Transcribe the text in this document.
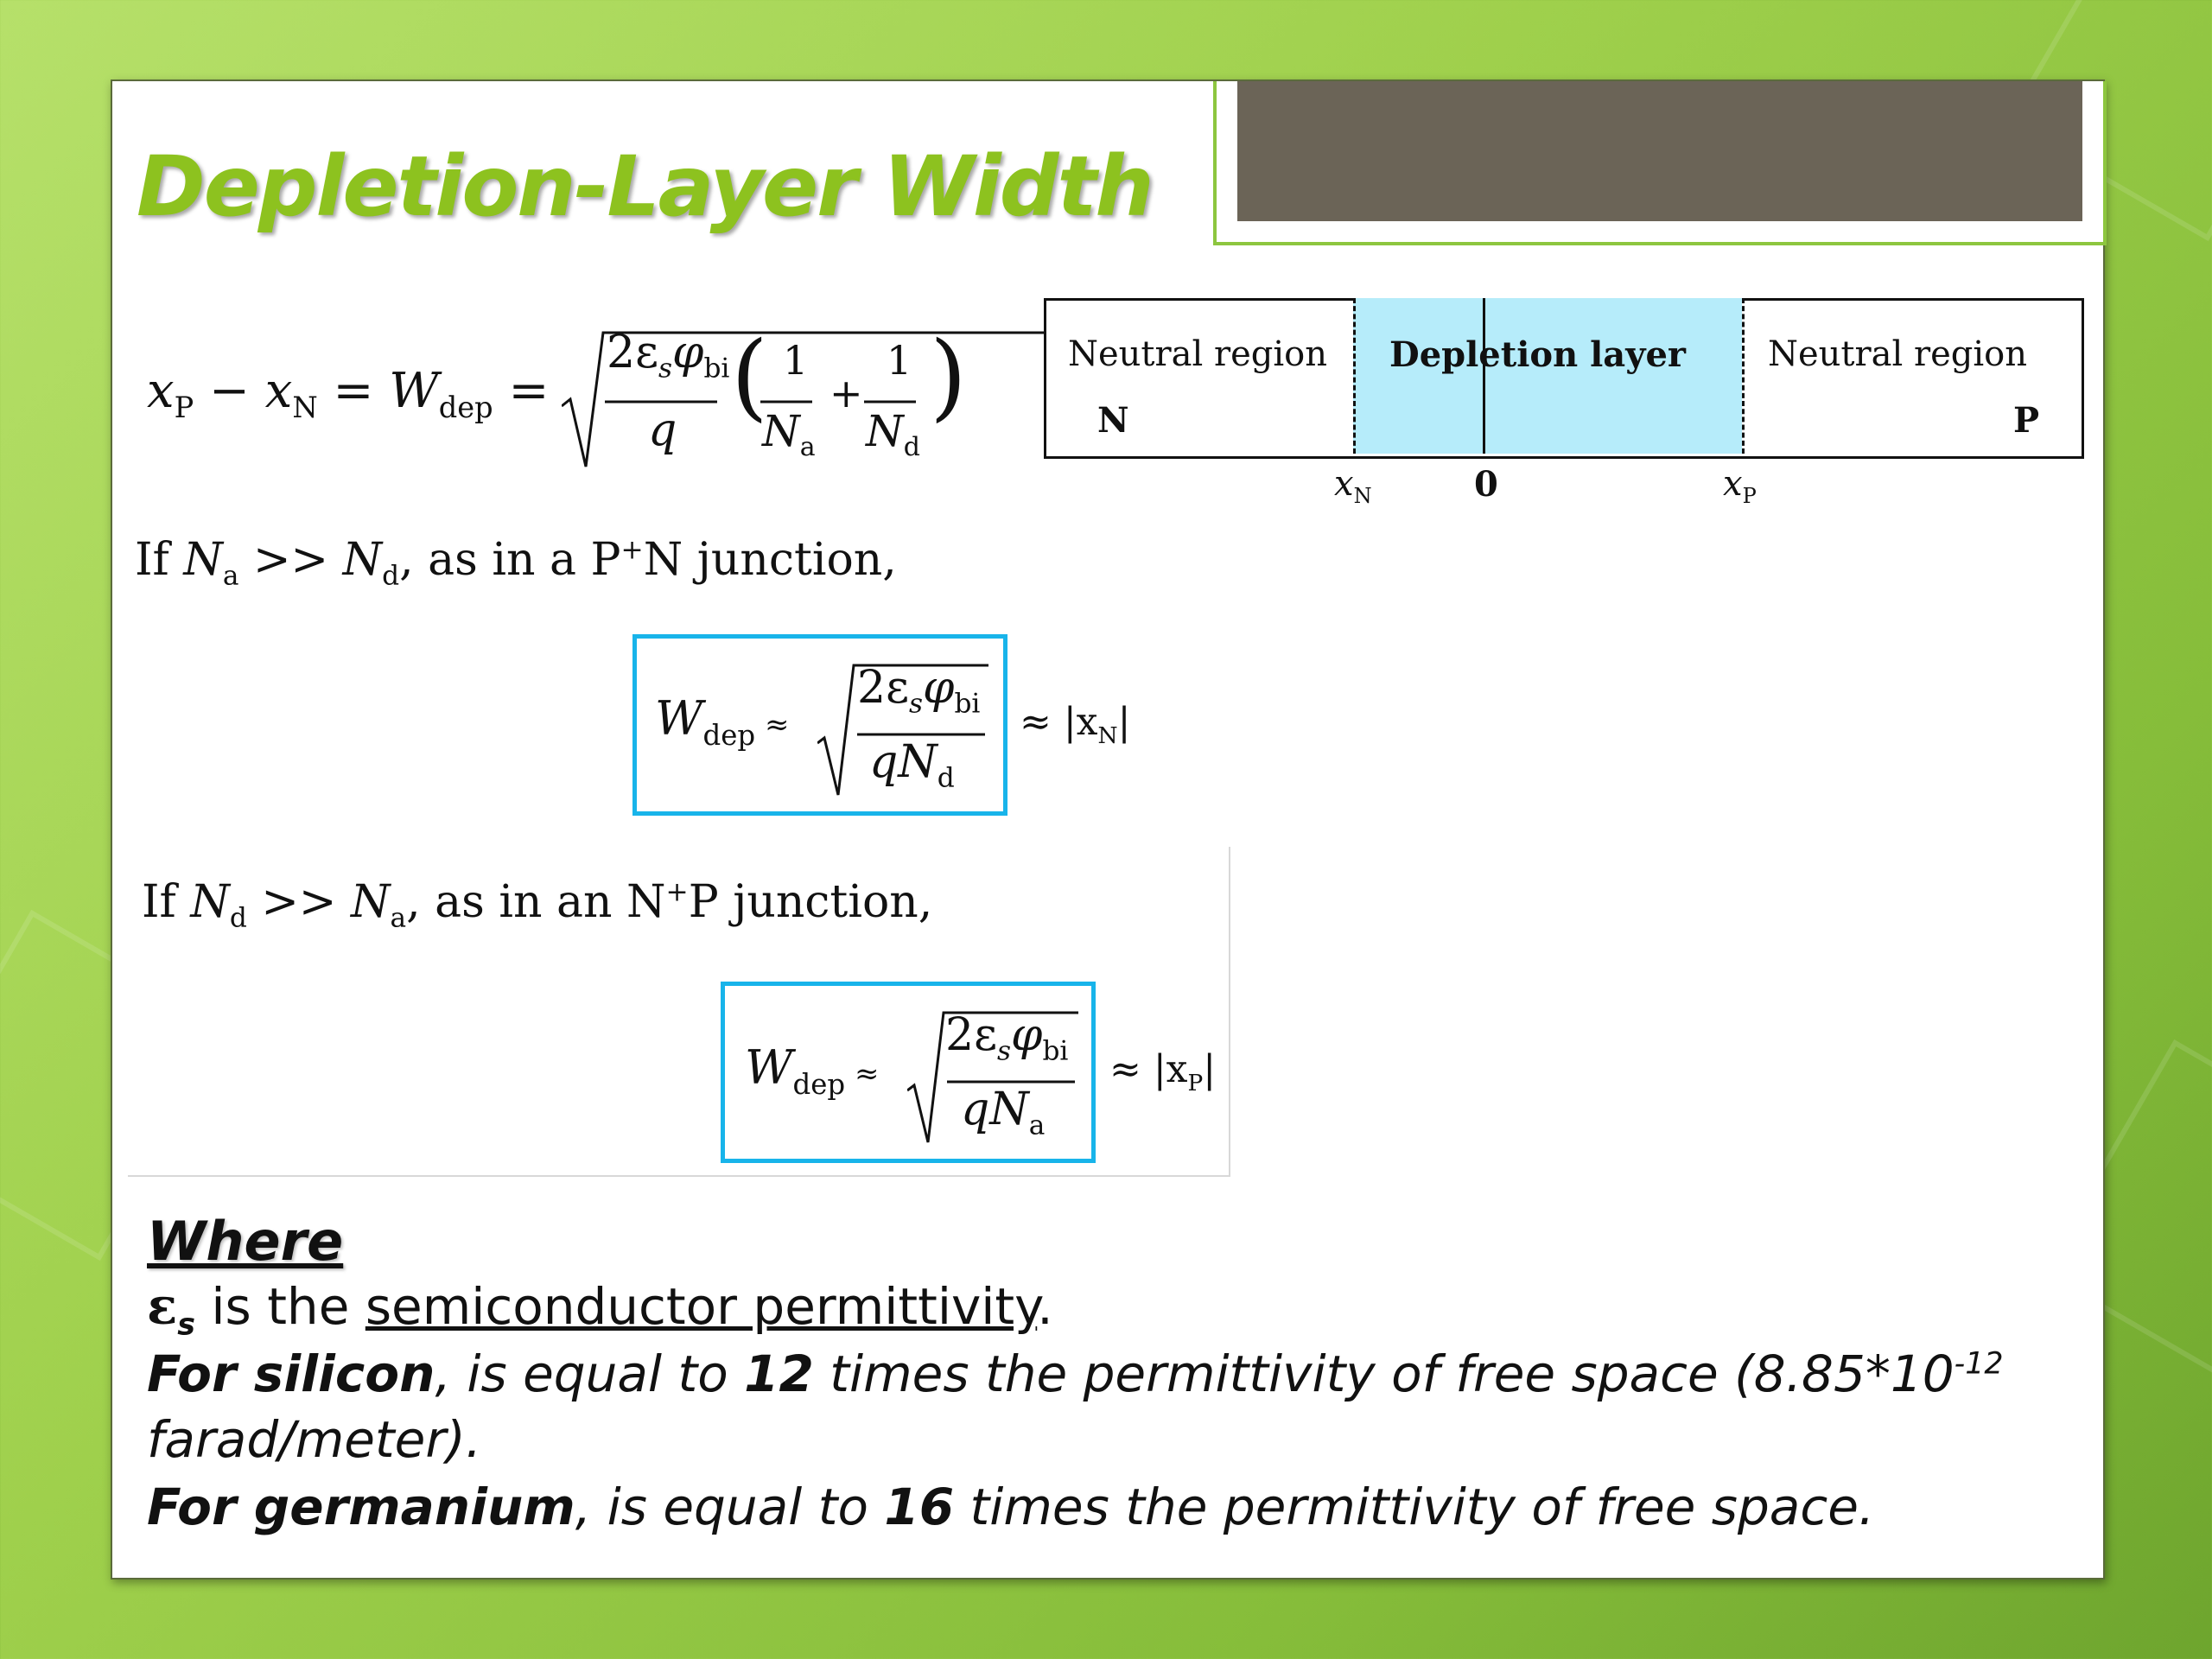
Depletion-Layer Width
$x_P - x_N = W_{dep}$ =
$2\varepsilon_s\varphi_{bi}$
q ( 1
$N_a$
+
1
$N_d$
)	Neutral region
N
Depletion layer Neutral region
P
$x_N$	0	$x_P$
If $N_a >> N_d$, as in a P+N junction,
$W_{dep}$ ≈
$2\varepsilon_s\varphi_{bi}$
$qN_d$
≈ $|x_N|$
If $N_d >> N_a$, as in an N+P junction,
$W_{dep}$ ≈
$2\varepsilon_s\varphi_{bi}$
$qN_a$
≈ $|x_P|$
Where
$\varepsilon_s$ is the semiconductor permittivity.
For silicon, is equal to 12 times the permittivity of free space ($8.85*10^{-12}$
farad/meter).
For germanium, is equal to 16 times the permittivity of free space.
